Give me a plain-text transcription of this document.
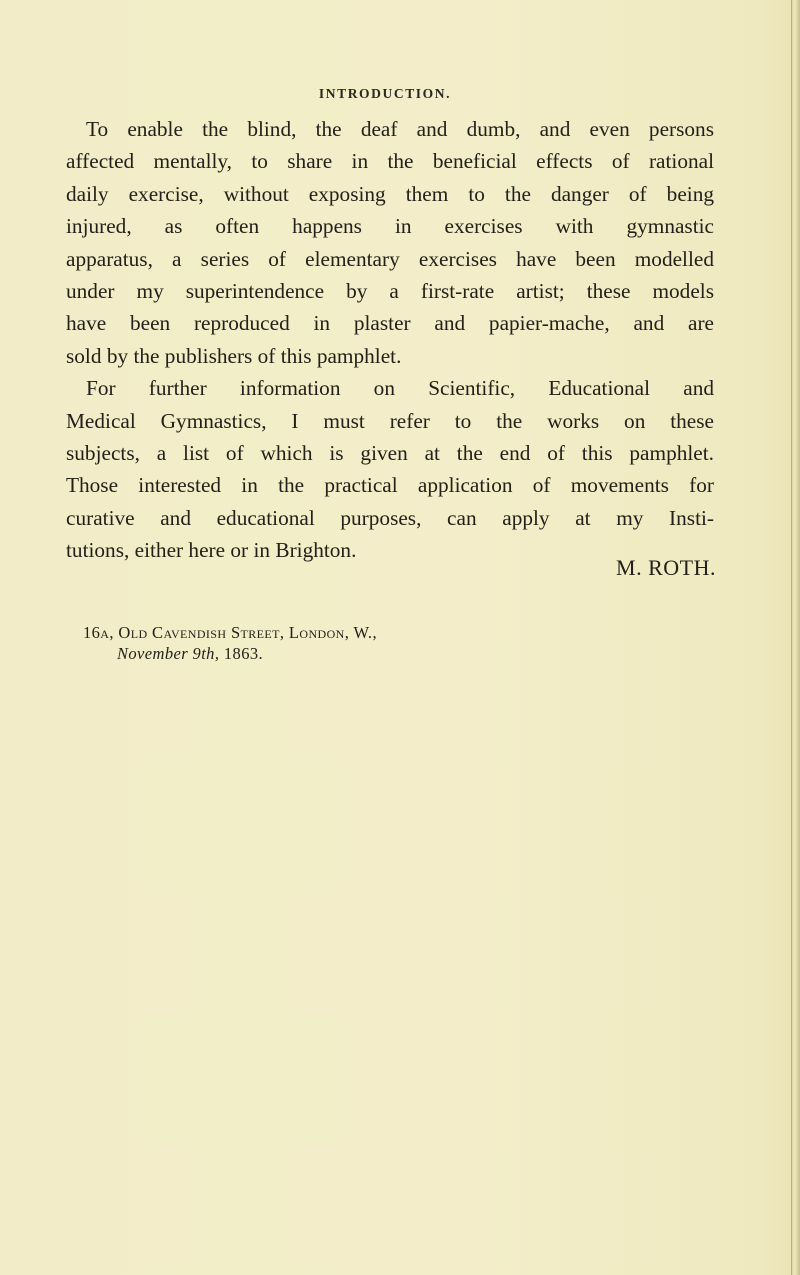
INTRODUCTION.
To enable the blind, the deaf and dumb, and even persons
affected mentally, to share in the beneficial effects of rational
daily exercise, without exposing them to the danger of being
injured, as often happens in exercises with gymnastic
apparatus, a series of elementary exercises have been modelled
under my superintendence by a first-rate artist; these models
have been reproduced in plaster and papier-mache, and are
sold by the publishers of this pamphlet.
For further information on Scientific, Educational and
Medical Gymnastics, I must refer to the works on these
subjects, a list of which is given at the end of this pamphlet.
Those interested in the practical application of movements for
curative and educational purposes, can apply at my Insti-
tutions, either here or in Brighton.
M. ROTH.
16a, Old Cavendish Street, London, W.,
November 9th, 1863.
